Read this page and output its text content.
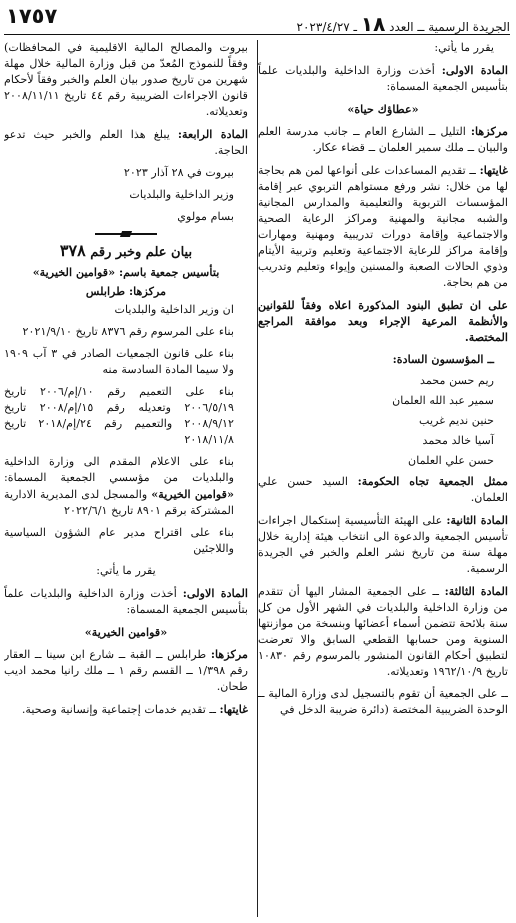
الجريدة الرسمية ــ العدد ١٨ ـ ٢٠٢٣/٤/٢٧
١٧٥٧

يقرر ما يأتي:

المادة الاولى: أخذت وزارة الداخلية والبلديات علماً بتأسيس الجمعية المسماة:

«عطاؤك حياة»

مركزها: التليل ــ الشارع العام ــ جانب مدرسة العلم والبيان ــ ملك سمير العلمان ــ قضاء عكار.

غايتها: ــ تقديم المساعدات على أنواعها لمن هم بحاجة لها من خلال: نشر ورفع مستواهم التربوي عبر إقامة المؤسسات التربوية والتعليمية والمدارس المجانية والشبه مجانية والمهنية ومراكز الرعاية الصحية والاجتماعية وإقامة دورات تدريبية ومهنية ومهارات وإقامة مراكز للرعاية الاجتماعية وتعليم وتربية الأيتام وذوي الحالات الصعبة والمسنين وإيواء وتعليم وتدريب من هم بحاجة.

على ان تطبق البنود المذكورة اعلاه وفقاً للقوانين والأنظمة المرعية الإجراء وبعد موافقة المراجع المختصة.

ــ المؤسسون السادة:

ريم حسن محمد

سمير عبد الله العلمان

حنين نديم غريب

آسيا خالد محمد

حسن علي العلمان

ممثل الجمعية تجاه الحكومة: السيد حسن علي العلمان.

المادة الثانية: على الهيئة التأسيسية إستكمال اجراءات تأسيس الجمعية والدعوة الى انتخاب هيئة إدارية خلال مهلة سنة من تاريخ نشر العلم والخبر في الجريدة الرسمية.

المادة الثالثة: ــ على الجمعية المشار اليها أن تتقدم من وزارة الداخلية والبلديات في الشهر الأول من كل سنة بلائحة تتضمن أسماء أعضائها وبنسخة من موازنتها السنوية ومن حسابها القطعي السابق والا تعرضت لتطبيق أحكام القانون المنشور بالمرسوم رقم ١٠٨٣٠ تاريخ ١٩٦٢/١٠/٩ وتعديلاته.

ــ على الجمعية أن تقوم بالتسجيل لدى وزارة المالية ــ الوحدة الضريبية المختصة (دائرة ضريبة الدخل في

بيروت والمصالح المالية الاقليمية في المحافظات) وفقاً للنموذج المُعدّ من قبل وزارة المالية خلال مهلة شهرين من تاريخ صدور بيان العلم والخبر وفقاً لأحكام قانون الاجراءات الضريبية رقم ٤٤ تاريخ ٢٠٠٨/١١/١١ وتعديلاته.

المادة الرابعة: يبلغ هذا العلم والخبر حيث تدعو الحاجة.

بيروت في ٢٨ آذار ٢٠٢٣

وزير الداخلية والبلديات

بسام مولوي

بيان علم وخبر رقم ٣٧٨
بتأسيس جمعية باسم: «قوامين الخيرية»
مركزها: طرابلس

ان وزير الداخلية والبلديات

بناء على المرسوم رقم ٨٣٧٦ تاريخ ٢٠٢١/٩/١٠

بناء على قانون الجمعيات الصادر في ٣ آب ١٩٠٩ ولا سيما المادة السادسة منه

بناء على التعميم رقم ١٠/إم/٢٠٠٦ تاريخ ٢٠٠٦/٥/١٩ وتعديله رقم ١٥/إم/٢٠٠٨ تاريخ ٢٠٠٨/٩/١٢ والتعميم رقم ٢٤/إم/٢٠١٨ تاريخ ٢٠١٨/١١/٨

بناء على الاعلام المقدم الى وزارة الداخلية والبلديات من مؤسسي الجمعية المسماة: «قوامين الخيرية» والمسجل لدى المديرية الادارية المشتركة برقم ٨٩٠١ تاريخ ٢٠٢٢/٦/١

بناء على اقتراح مدير عام الشؤون السياسية واللاجئين

يقرر ما يأتي:

المادة الاولى: أخذت وزارة الداخلية والبلديات علماً بتأسيس الجمعية المسماة:

«قوامين الخيرية»

مركزها: طرابلس ــ القبة ــ شارع ابن سينا ــ العقار رقم ١/٣٩٨ ــ القسم رقم ١ ــ ملك رانيا محمد اديب طحان.

غايتها: ــ تقديم خدمات إجتماعية وإنسانية وصحية.
